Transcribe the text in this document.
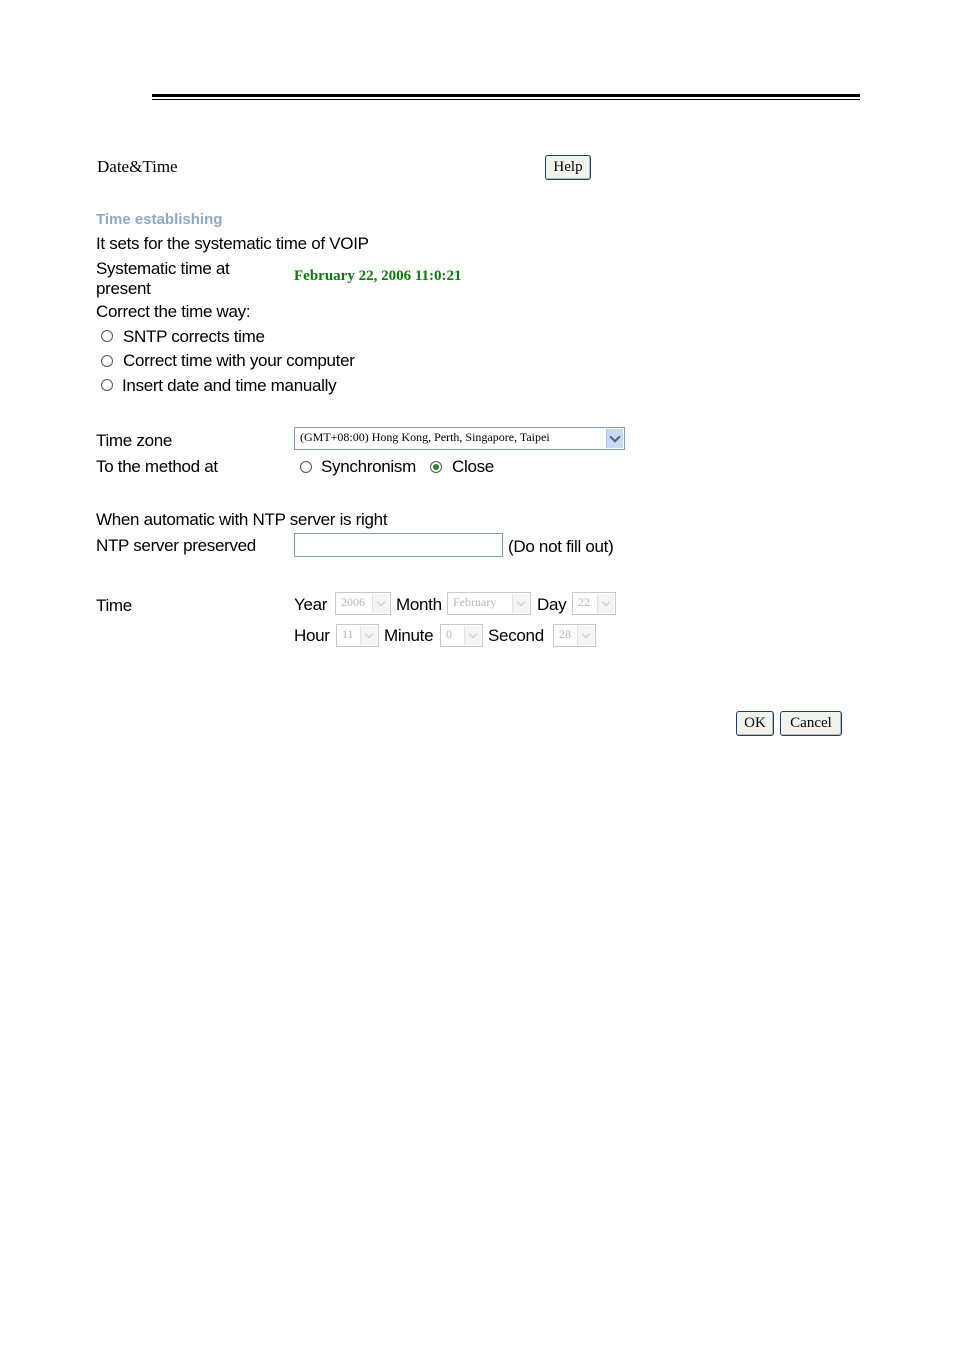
Date&Time	Help
Time establishing
It sets for the systematic time of VOIP
Systematic time at
present
February 22, 2006 11:0:21
Correct the time way:
SNTP corrects time
Correct time with your computer
Insert date and time manually
Time zone	(GMT+08:00) Hong Kong, Perth, Singapore, Taipei
To the method at	Synchronism Close
When automatic with NTP server is right
NTP server preserved	(Do not fill out)
Time	Year 2006 Month February Day 22
Hour 11 Minute 0 Second 28
OK	Cancel
